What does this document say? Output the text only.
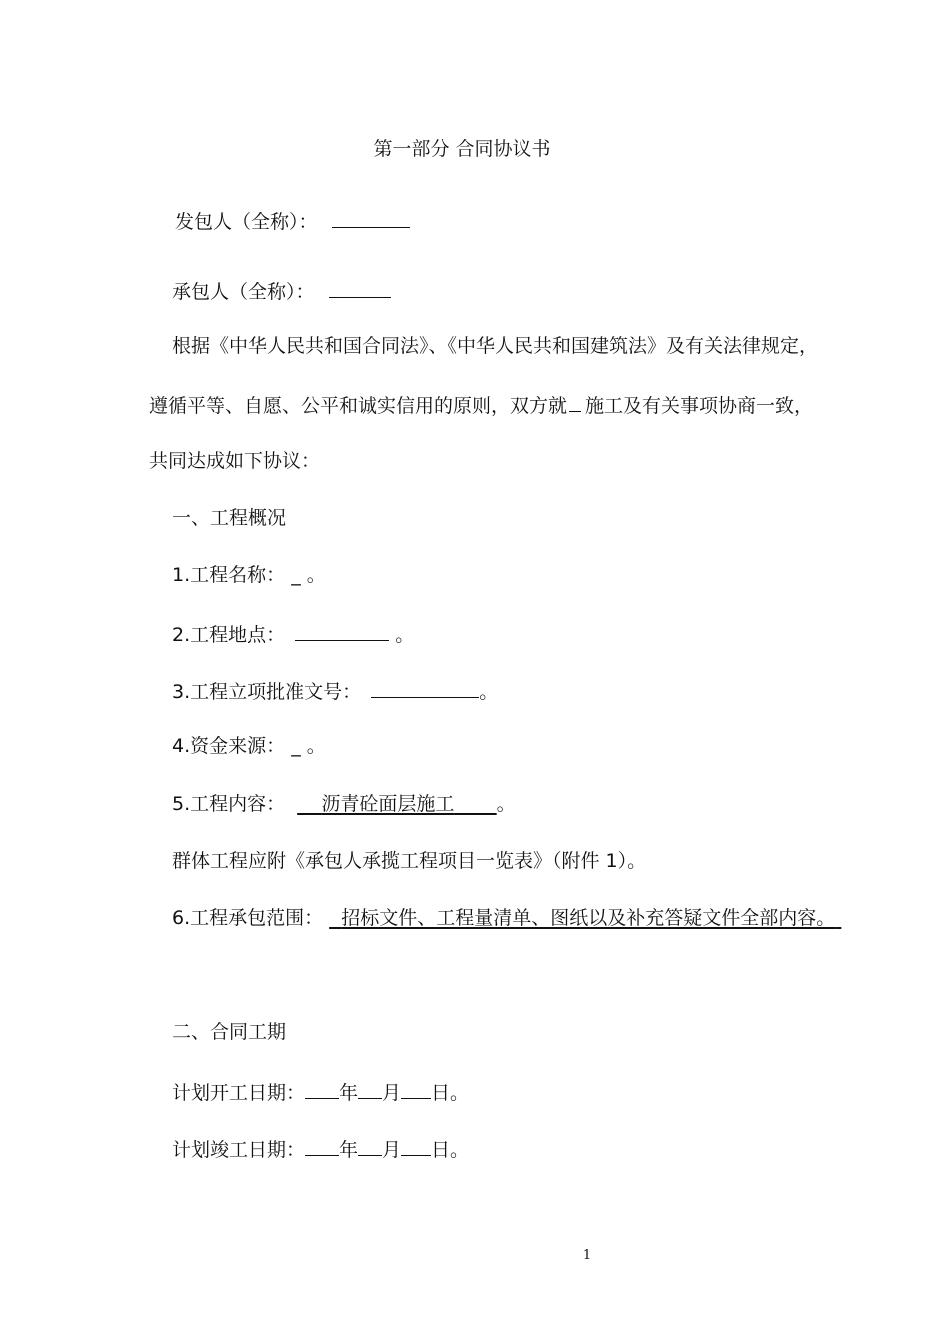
第一部分 合同协议书
发包人（全称）：
承包人（全称）：
根据《中华人民共和国合同法》、《中华人民共和国建筑法》及有关法律规定，
遵循平等、自愿、公平和诚实信用的原则，双方就 施工及有关事项协商一致，
共同达成如下协议：
一、工程概况
1.工程名称： _ 。
2.工程地点：	。
3.工程立项批准文号：	。
4.资金来源： _ 。
5.工程内容： 沥青砼面层施工 。
群体工程应附《承包人承揽工程项目一览表》（附件 1）。
6.工程承包范围： 招标文件、工程量清单、图纸以及补充答疑文件全部内容。
二、合同工期
计划开工日期： 年 月 日。
计划竣工日期： 年 月 日。
1
